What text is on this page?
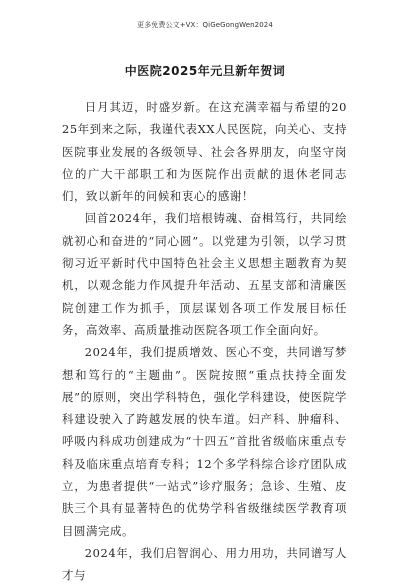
更多免费公文+VX：QiGeGongWen2024
中医院2025年元旦新年贺词

日月其迈，时盛岁新。在这充满幸福与希望的2025年到来之际，我谨代表XX人民医院，向关心、支持医院事业发展的各级领导、社会各界朋友，向坚守岗位的广大干部职工和为医院作出贡献的退休老同志们，致以新年的问候和衷心的感谢！

回首2024年，我们培根铸魂、奋楫笃行，共同绘就初心和奋进的“同心圆”。以党建为引领，以学习贯彻习近平新时代中国特色社会主义思想主题教育为契机，以观念能力作风提升年活动、五星支部和清廉医院创建工作为抓手，顶层谋划各项工作发展目标任务，高效率、高质量推动医院各项工作全面向好。

2024年，我们提质增效、医心不变，共同谱写梦想和笃行的“主题曲”。医院按照“重点扶持全面发展”的原则，突出学科特色，强化学科建设，使医院学科建设驶入了跨越发展的快车道。妇产科、肿瘤科、呼吸内科成功创建成为“十四五”首批省级临床重点专科及临床重点培育专科；12个多学科综合诊疗团队成立，为患者提供“一站式”诊疗服务；急诊、生殖、皮肤三个具有显著特色的优势学科省级继续医学教育项目圆满完成。

2024年，我们启智润心、用力用功，共同谱写人才与
